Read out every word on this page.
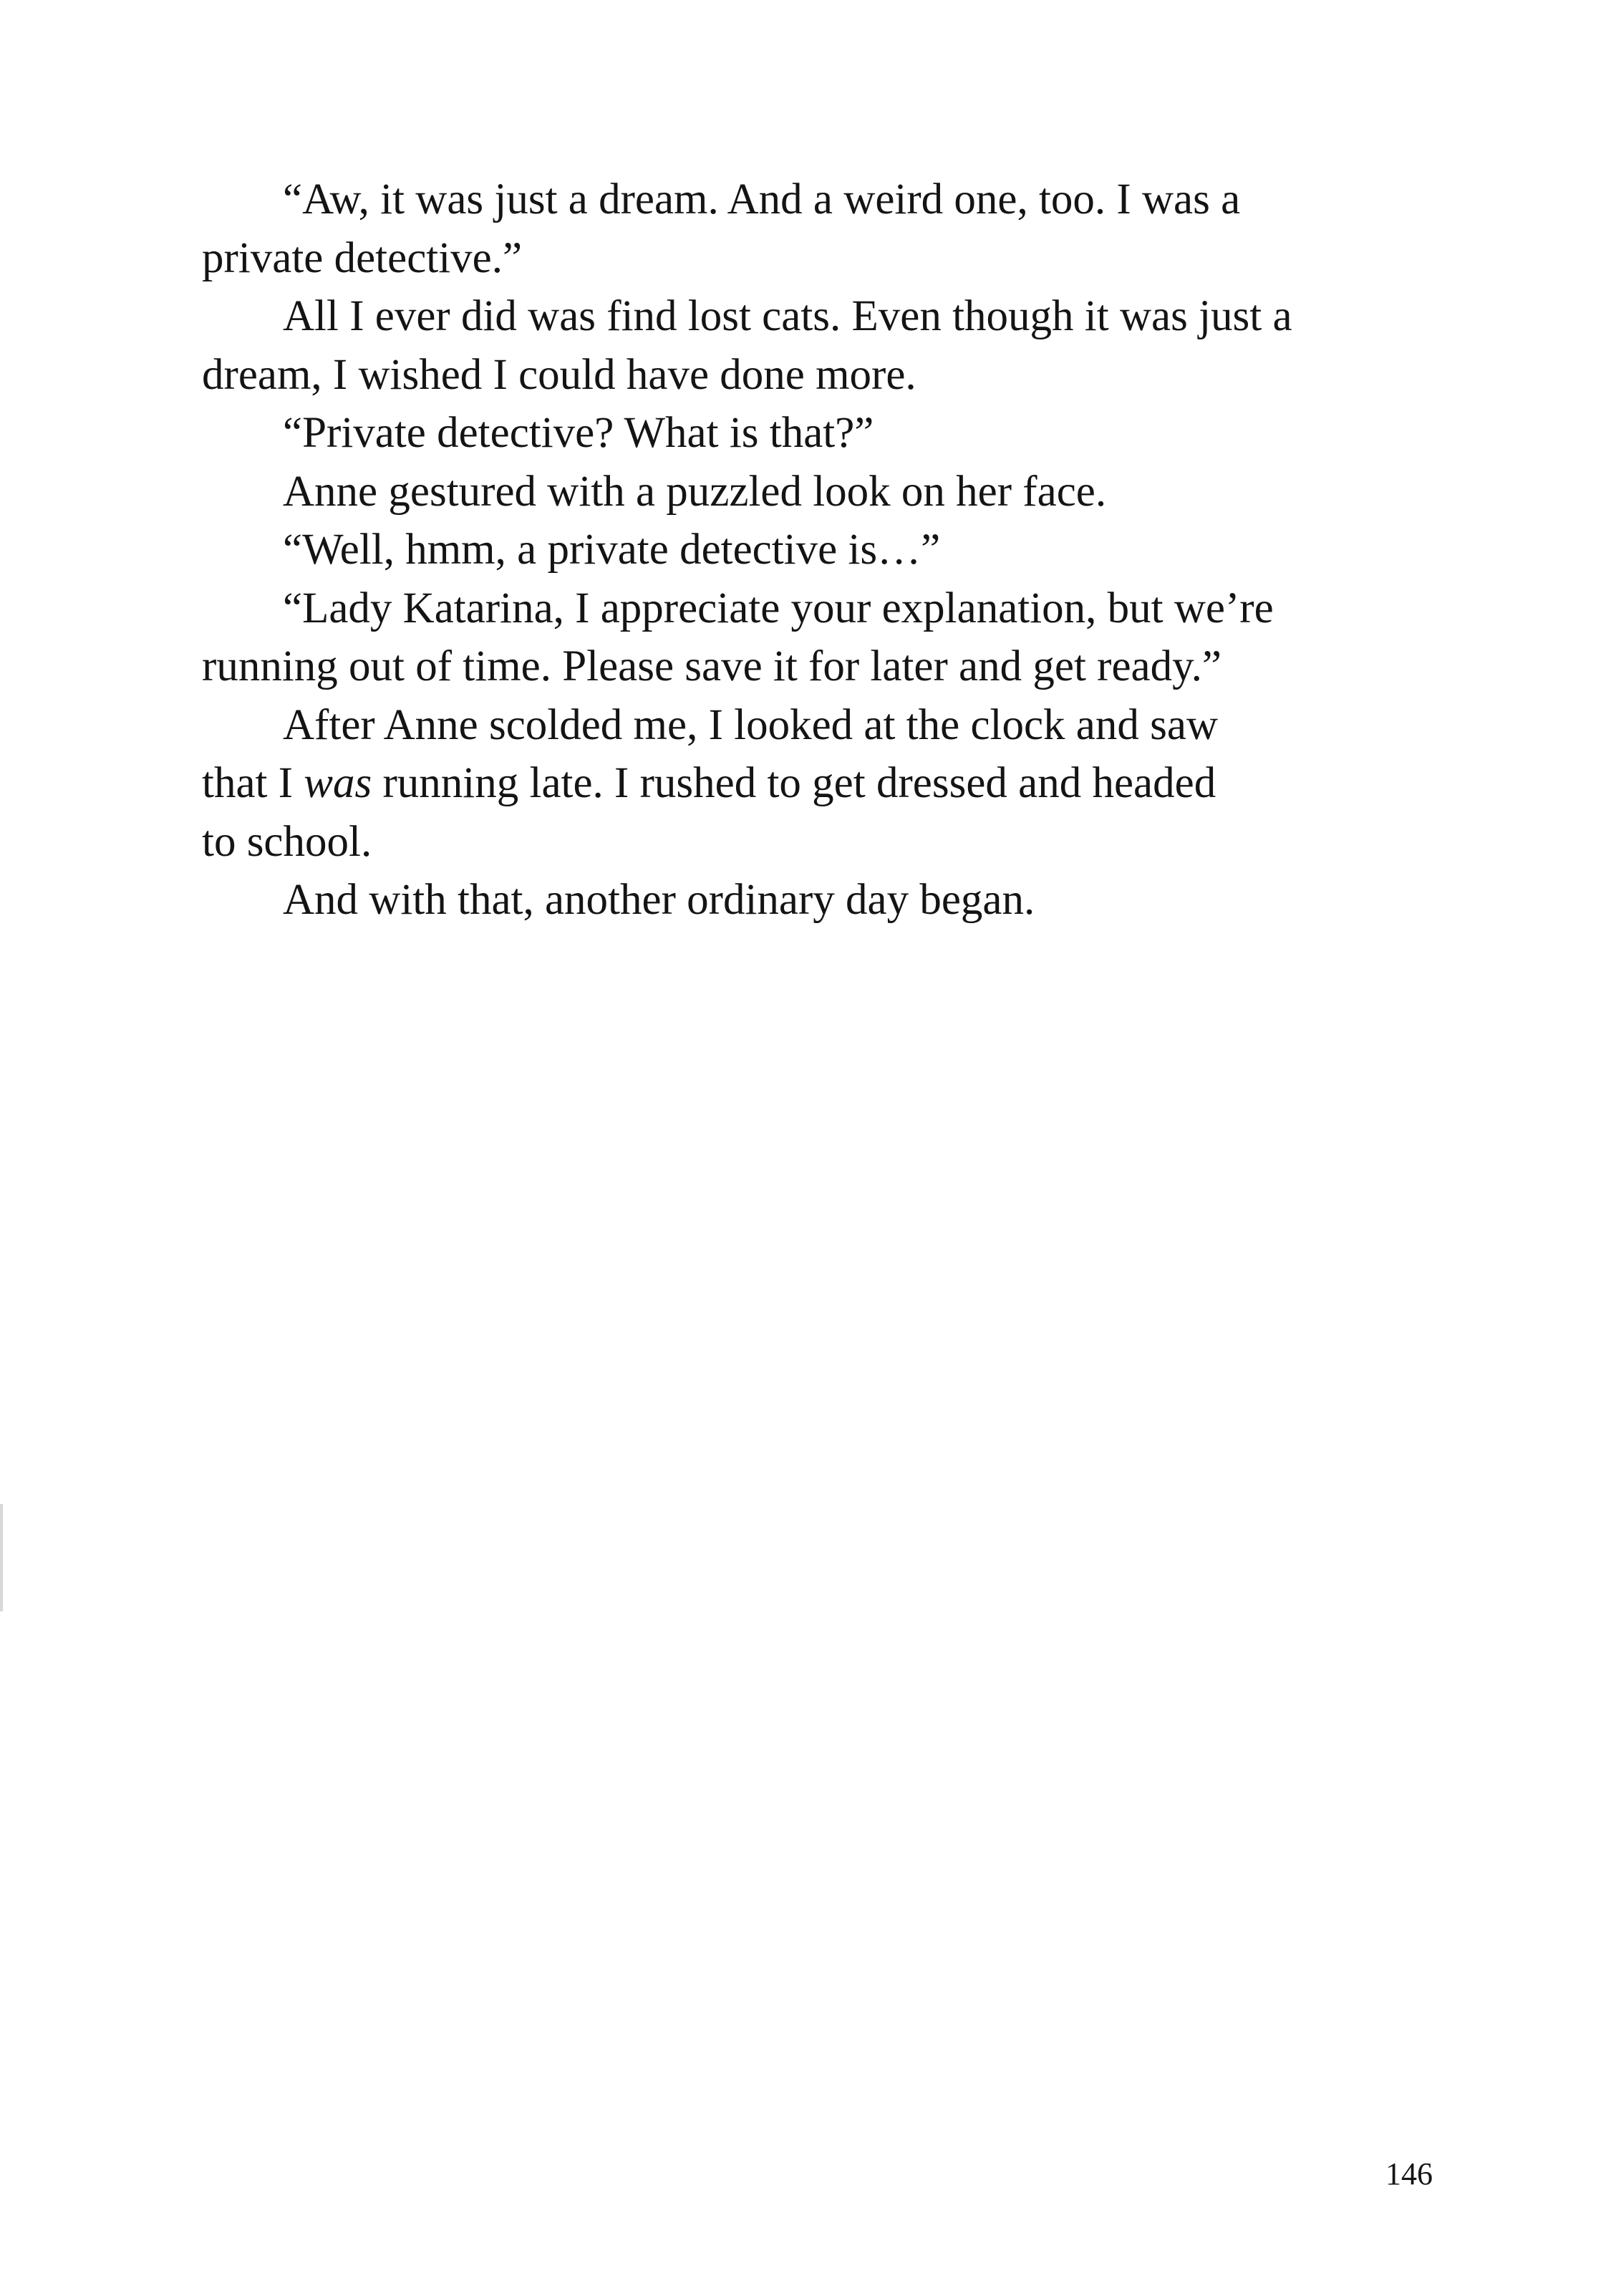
“Aw, it was just a dream. And a weird one, too. I was a
private detective.”
All I ever did was find lost cats. Even though it was just a
dream, I wished I could have done more.
“Private detective? What is that?”
Anne gestured with a puzzled look on her face.
“Well, hmm, a private detective is…”
“Lady Katarina, I appreciate your explanation, but we’re
running out of time. Please save it for later and get ready.”
After Anne scolded me, I looked at the clock and saw
that I was running late. I rushed to get dressed and headed
to school.
And with that, another ordinary day began.
146
